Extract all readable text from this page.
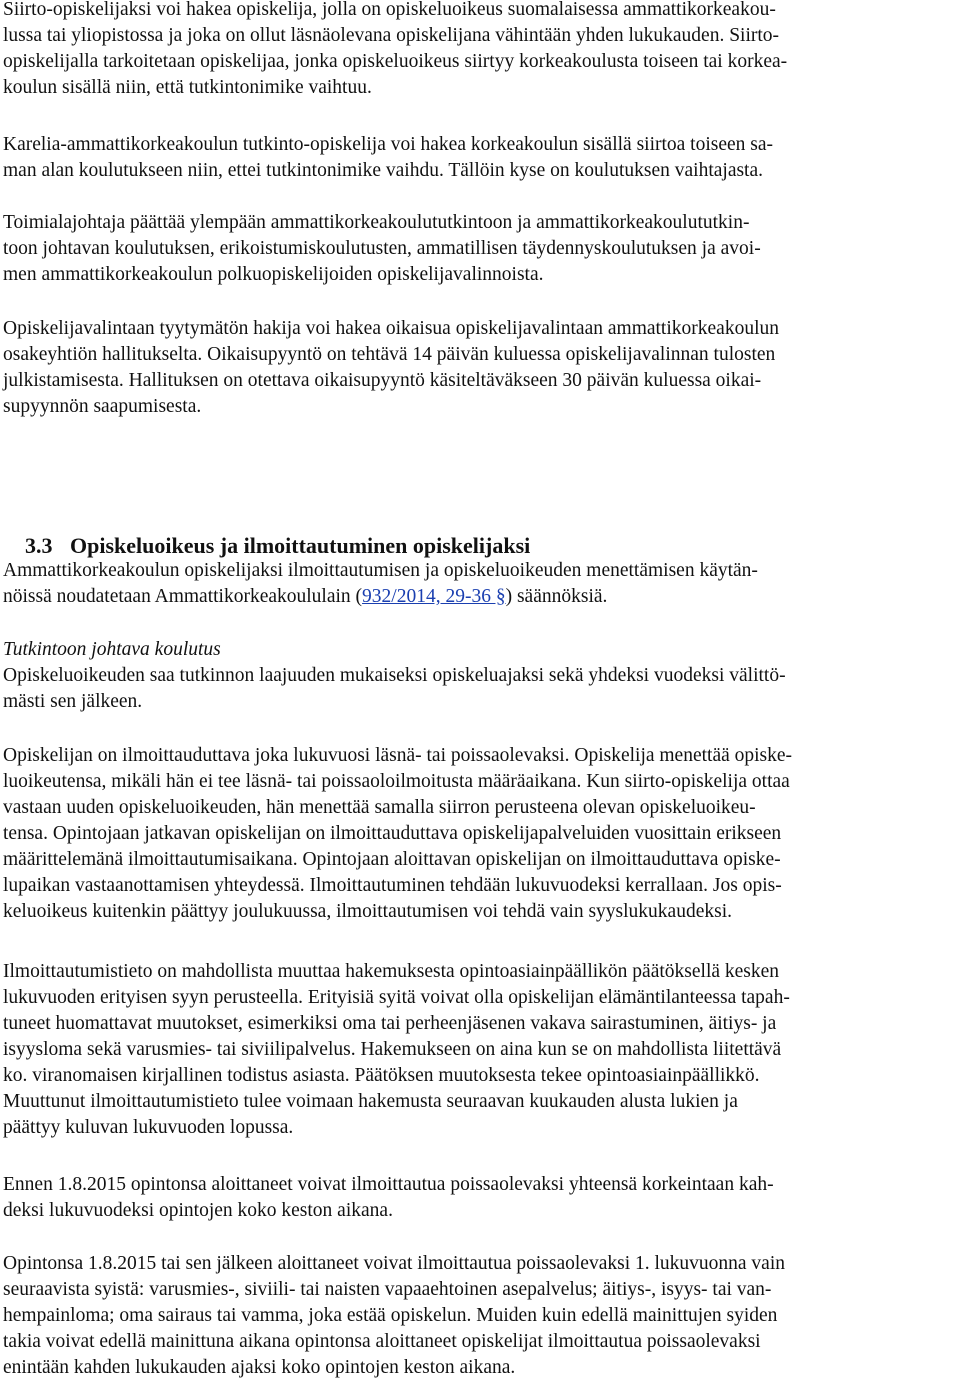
Siirto-opiskelijaksi voi hakea opiskelija, jolla on opiskeluoikeus suomalaisessa ammattikorkeakou-
lussa tai yliopistossa ja joka on ollut läsnäolevana opiskelijana vähintään yhden lukukauden. Siirto-
opiskelijalla tarkoitetaan opiskelijaa, jonka opiskeluoikeus siirtyy korkeakoulusta toiseen tai korkea-
koulun sisällä niin, että tutkintonimike vaihtuu.
Karelia-ammattikorkeakoulun tutkinto-opiskelija voi hakea korkeakoulun sisällä siirtoa toiseen sa-
man alan koulutukseen niin, ettei tutkintonimike vaihdu. Tällöin kyse on koulutuksen vaihtajasta.
Toimialajohtaja päättää ylempään ammattikorkeakoulututkintoon ja ammattikorkeakoulututkin-
toon johtavan koulutuksen, erikoistumiskoulutusten, ammatillisen täydennyskoulutuksen ja avoi-
men ammattikorkeakoulun polkuopiskelijoiden opiskelijavalinnoista.
Opiskelijavalintaan tyytymätön hakija voi hakea oikaisua opiskelijavalintaan ammattikorkeakoulun
osakeyhtiön hallitukselta. Oikaisupyyntö on tehtävä 14 päivän kuluessa opiskelijavalinnan tulosten
julkistamisesta. Hallituksen on otettava oikaisupyyntö käsiteltäväkseen 30 päivän kuluessa oikai-
supyynnön saapumisesta.

3.3 Opiskeluoikeus ja ilmoittautuminen opiskelijaksi

Ammattikorkeakoulun opiskelijaksi ilmoittautumisen ja opiskeluoikeuden menettämisen käytän-
nöissä noudatetaan Ammattikorkeakoululain (932/2014, 29-36 §) säännöksiä.
Tutkintoon johtava koulutus
Opiskeluoikeuden saa tutkinnon laajuuden mukaiseksi opiskeluajaksi sekä yhdeksi vuodeksi välittö-
mästi sen jälkeen.
Opiskelijan on ilmoittauduttava joka lukuvuosi läsnä- tai poissaolevaksi. Opiskelija menettää opiske-
luoikeutensa, mikäli hän ei tee läsnä- tai poissaoloilmoitusta määräaikana. Kun siirto-opiskelija ottaa
vastaan uuden opiskeluoikeuden, hän menettää samalla siirron perusteena olevan opiskeluoikeu-
tensa. Opintojaan jatkavan opiskelijan on ilmoittauduttava opiskelijapalveluiden vuosittain erikseen
määrittelemänä ilmoittautumisaikana. Opintojaan aloittavan opiskelijan on ilmoittauduttava opiske-
lupaikan vastaanottamisen yhteydessä. Ilmoittautuminen tehdään lukuvuodeksi kerrallaan. Jos opis-
keluoikeus kuitenkin päättyy joulukuussa, ilmoittautumisen voi tehdä vain syyslukukaudeksi.
Ilmoittautumistieto on mahdollista muuttaa hakemuksesta opintoasiainpäällikön päätöksellä kesken
lukuvuoden erityisen syyn perusteella. Erityisiä syitä voivat olla opiskelijan elämäntilanteessa tapah-
tuneet huomattavat muutokset, esimerkiksi oma tai perheenjäsenen vakava sairastuminen, äitiys- ja
isyysloma sekä varusmies- tai siviilipalvelus. Hakemukseen on aina kun se on mahdollista liitettävä
ko. viranomaisen kirjallinen todistus asiasta. Päätöksen muutoksesta tekee opintoasiainpäällikkö.
Muuttunut ilmoittautumistieto tulee voimaan hakemusta seuraavan kuukauden alusta lukien ja
päättyy kuluvan lukuvuoden lopussa.
Ennen 1.8.2015 opintonsa aloittaneet voivat ilmoittautua poissaolevaksi yhteensä korkeintaan kah-
deksi lukuvuodeksi opintojen koko keston aikana.
Opintonsa 1.8.2015 tai sen jälkeen aloittaneet voivat ilmoittautua poissaolevaksi 1. lukuvuonna vain
seuraavista syistä: varusmies-, siviili- tai naisten vapaaehtoinen asepalvelus; äitiys-, isyys- tai van-
hempainloma; oma sairaus tai vamma, joka estää opiskelun. Muiden kuin edellä mainittujen syiden
takia voivat edellä mainittuna aikana opintonsa aloittaneet opiskelijat ilmoittautua poissaolevaksi
enintään kahden lukukauden ajaksi koko opintojen keston aikana.
